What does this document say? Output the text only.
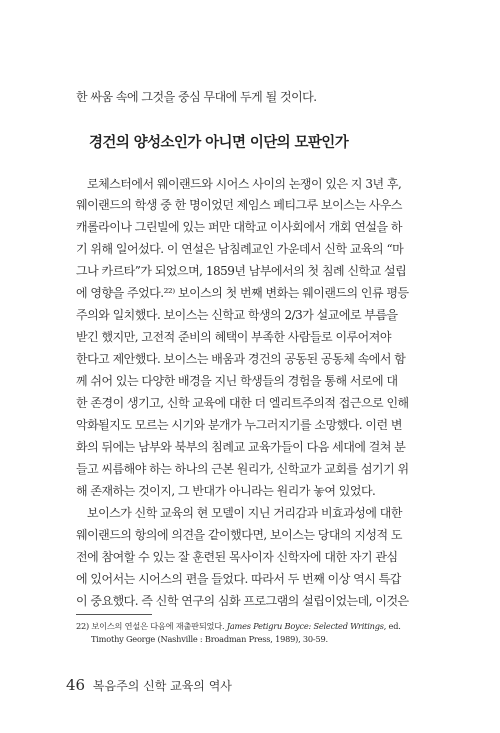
한 싸움 속에 그것을 중심 무대에 두게 될 것이다.
경건의 양성소인가 아니면 이단의 모판인가
로체스터에서 웨이랜드와 시어스 사이의 논쟁이 있은 지 3년 후,
웨이랜드의 학생 중 한 명이었던 제임스 페티그루 보이스는 사우스
캐롤라이나 그린빌에 있는 퍼만 대학교 이사회에서 개회 연설을 하
기 위해 일어섰다. 이 연설은 남침례교인 가운데서 신학 교육의 “마
그나 카르타”가 되었으며, 1859년 남부에서의 첫 침례 신학교 설립
에 영향을 주었다.²²⁾ 보이스의 첫 번째 변화는 웨이랜드의 인류 평등
주의와 일치했다. 보이스는 신학교 학생의 2/3가 설교에로 부름을
받긴 했지만, 고전적 준비의 혜택이 부족한 사람들로 이루어져야
한다고 제안했다. 보이스는 배움과 경건의 공동된 공동체 속에서 함
께 쉬어 있는 다양한 배경을 지닌 학생들의 경험을 통해 서로에 대
한 존경이 생기고, 신학 교육에 대한 더 엘리트주의적 접근으로 인해
악화될지도 모르는 시기와 분개가 누그러지기를 소망했다. 이런 변
화의 뒤에는 남부와 북부의 침례교 교육가들이 다음 세대에 걸쳐 분
들고 씨름해야 하는 하나의 근본 원리가, 신학교가 교회를 섬기기 위
해 존재하는 것이지, 그 반대가 아니라는 원리가 놓여 있었다.
보이스가 신학 교육의 현 모델이 지닌 거리감과 비효과성에 대한
웨이랜드의 항의에 의견을 같이했다면, 보이스는 당대의 지성적 도
전에 참여할 수 있는 잘 훈련된 목사이자 신학자에 대한 자기 관심
에 있어서는 시어스의 편을 들었다. 따라서 두 번째 이상 역시 특갑
이 중요했다. 즉 신학 연구의 심화 프로그램의 설립이었는데, 이것은
22) 보이스의 연설은 다음에 재출판되었다. James Petigru Boyce: Selected Writings, ed.
Timothy George (Nashville : Broadman Press, 1989), 30-59.
46 복음주의 신학 교육의 역사
